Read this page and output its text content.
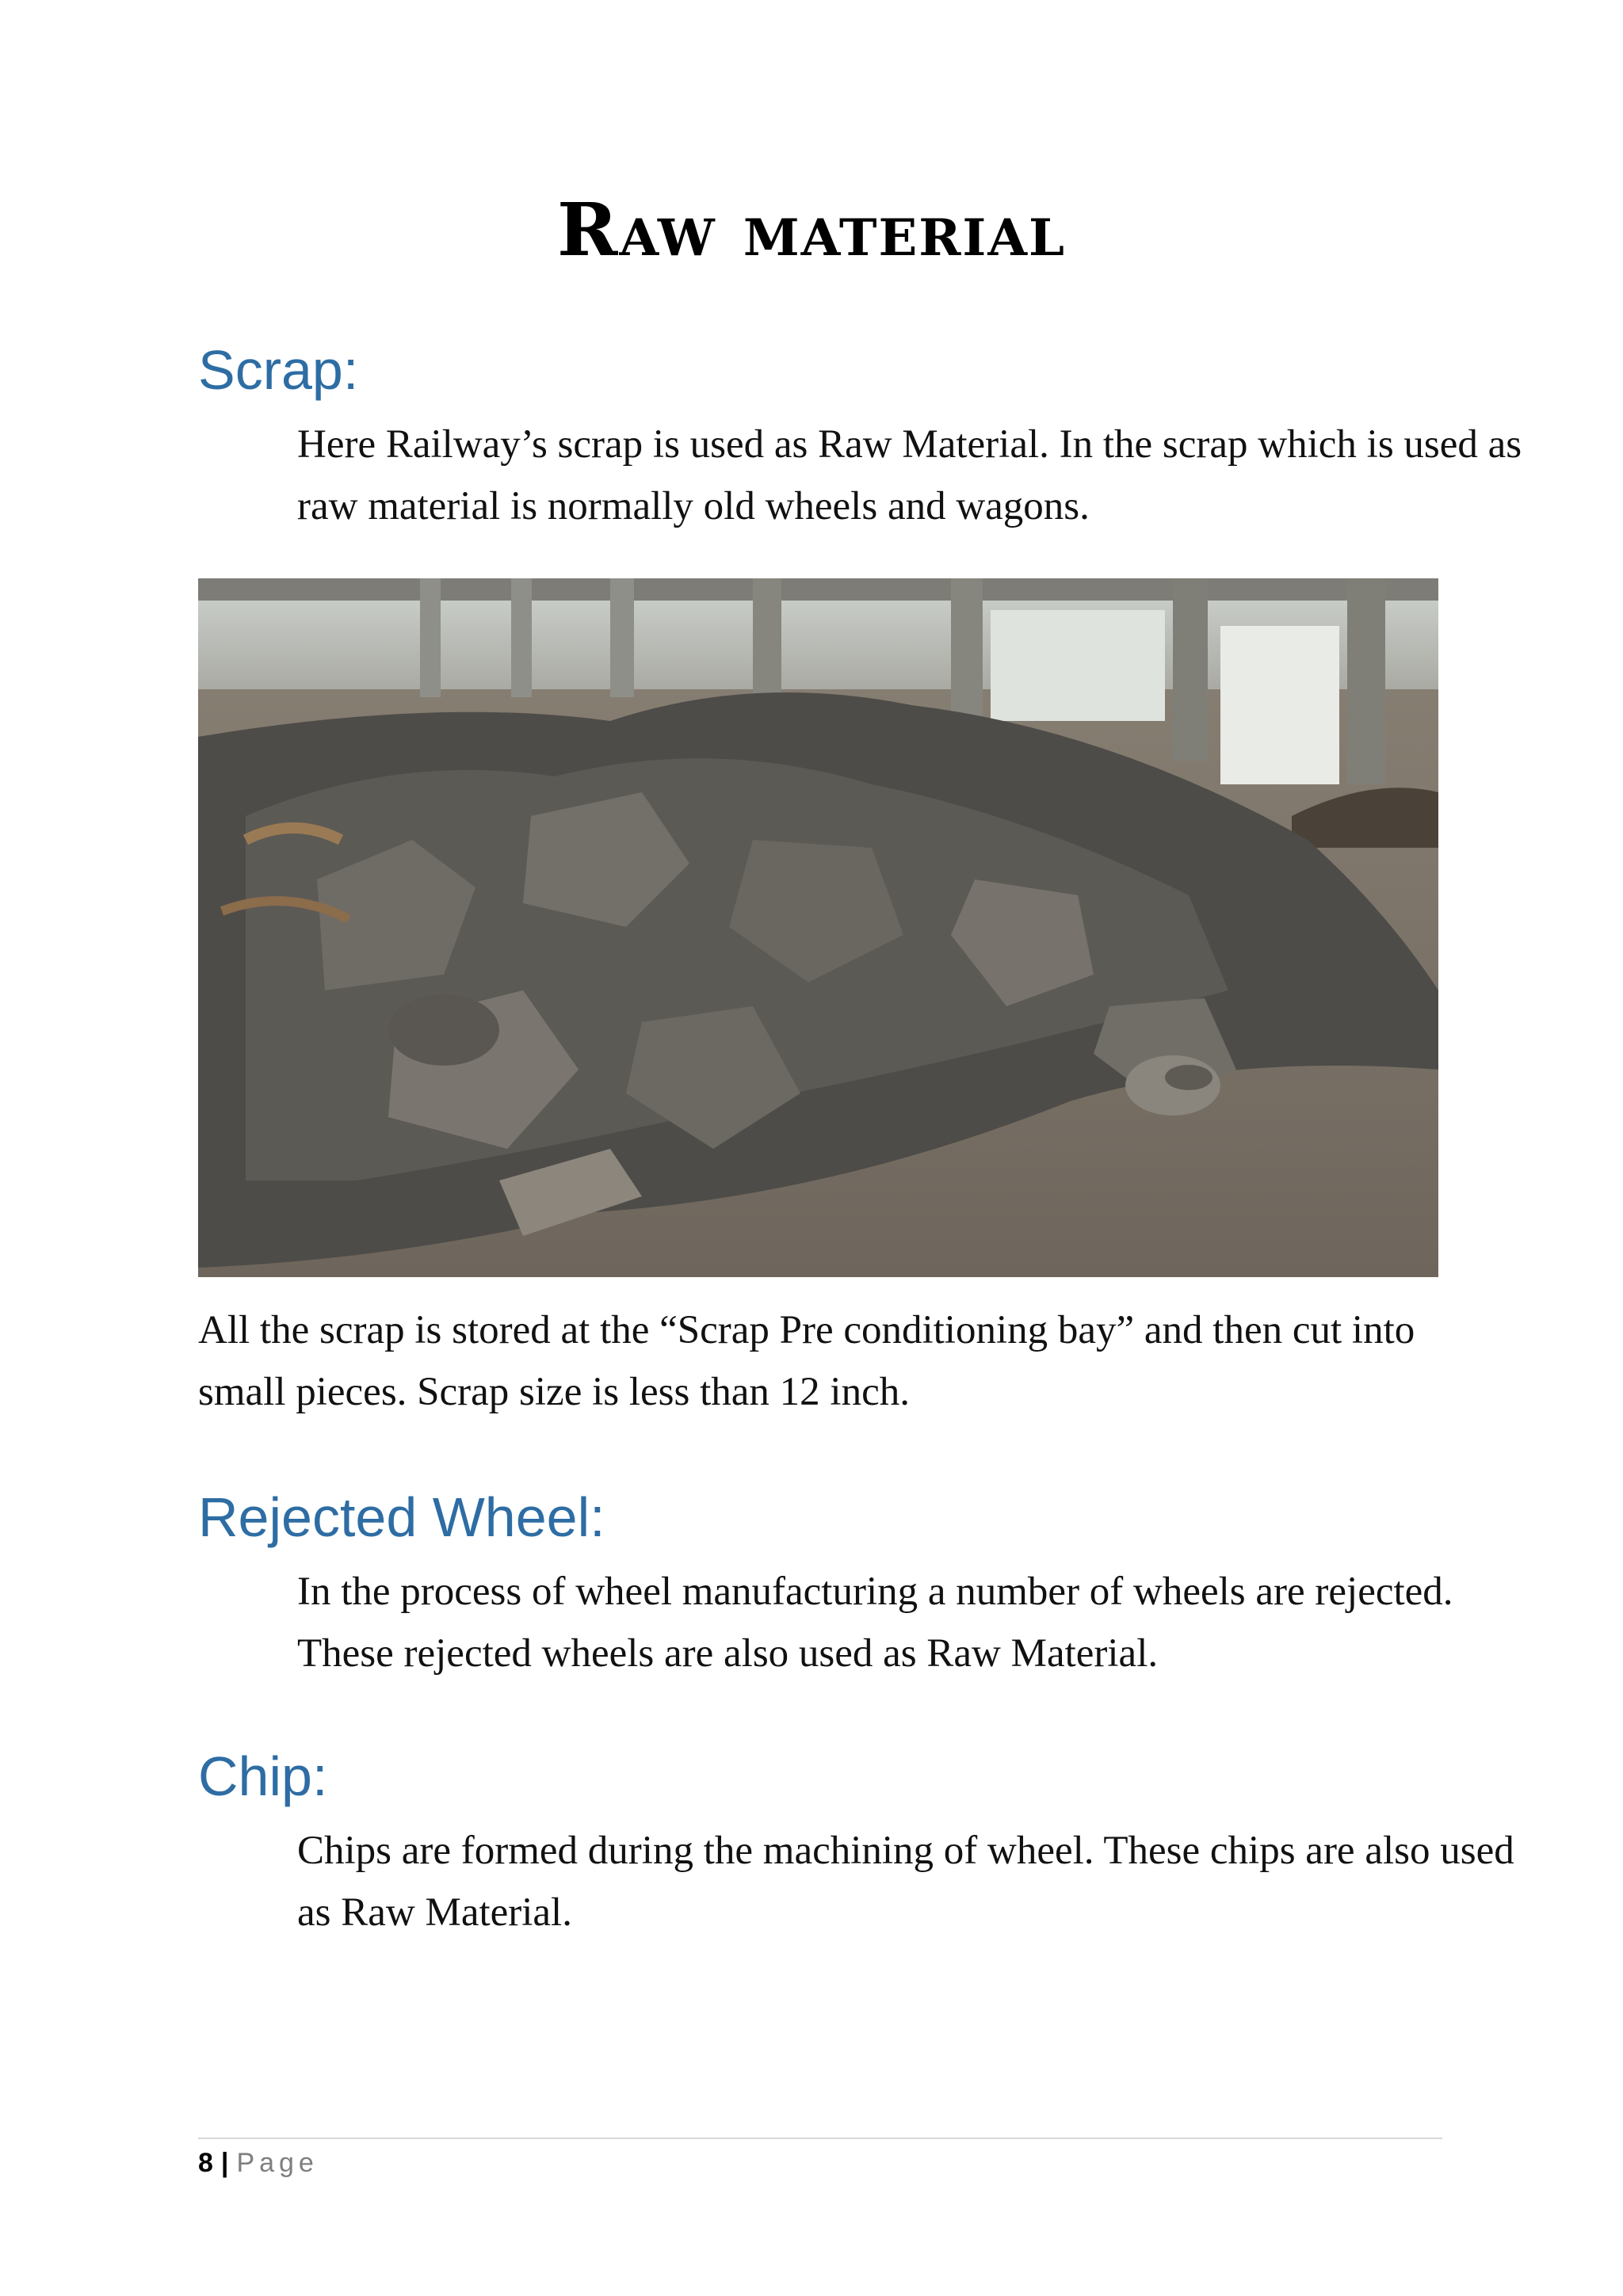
Raw material
Scrap:
Here Railway’s scrap is used as Raw Material. In the scrap which is used as raw material is normally old wheels and wagons.
All the scrap is stored at the “Scrap Pre conditioning bay” and then cut into small pieces. Scrap size is less than 12 inch.
Rejected Wheel:
In the process of wheel manufacturing a number of wheels are rejected. These rejected wheels are also used as Raw Material.
Chip:
Chips are formed during the machining of wheel. These chips are also used as Raw Material.
8 | Page
